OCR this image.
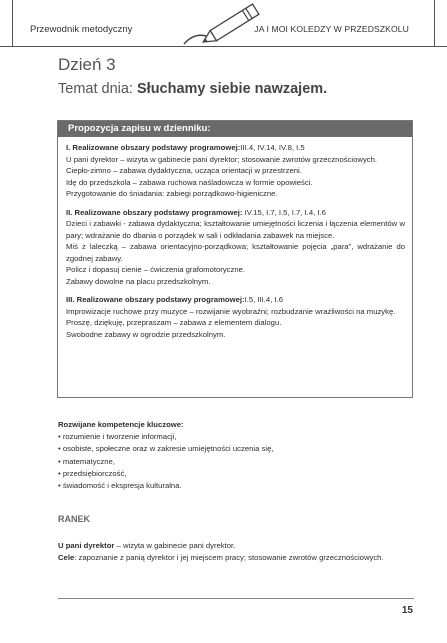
Przewodnik metodyczny	JA I MOI KOLEDZY W PRZEDSZKOLU
Dzień 3
Temat dnia: Słuchamy siebie nawzajem.
Propozycja zapisu w dzienniku:

I. Realizowane obszary podstawy programowej:III.4, IV.14, IV.8, I.5

U pani dyrektor – wizyta w gabinecie pani dyrektor; stosowanie zwrotów grzecznościowych.

Ciepło-zimno – zabawa dydaktyczna, ucząca orientacji w przestrzeni.

Idę do przedszkola – zabawa ruchowa naśladowcza w formie opowieści.

Przygotowanie do śniadania: zabiegi porządkowo-higieniczne.

II. Realizowane obszary podstawy programowej: IV.15, I.7, I.5, I.7, I.4, I.6

Dzieci i zabawki - zabawa dydaktyczna; kształtowanie umiejętności liczenia i łączenia elementów w pary; wdrażanie do dbania o porządek w sali i odkładania zabawek na miejsce.

Miś z laleczką – zabawa orientacyjno-porządkowa; kształtowanie pojęcia „para”, wdrażanie do zgodnej zabawy.

Policz i dopasuj cienie – ćwiczenia grafomotoryczne.

Zabawy dowolne na placu przedszkolnym.

III. Realizowane obszary podstawy programowej:I.5, III.4, I.6

Improwizacje ruchowe przy muzyce – rozwijanie wyobraźni; rozbudzanie wrażliwości na muzykę.

Proszę, dziękuję, przepraszam – zabawa z elementem dialogu.

Swobodne zabawy w ogrodzie przedszkolnym.

Rozwijane kompetencje kluczowe:
• rozumienie i tworzenie informacji,
• osobiste, społeczne oraz w zakresie umiejętności uczenia się,
• matematyczne,
• przedsiębiorczość,
• świadomość i ekspresja kulturalna.
RANEK

U pani dyrektor – wizyta w gabinecie pani dyrektor.

Cele: zapoznanie z panią dyrektor i jej miejscem pracy; stosowanie zwrotów grzecznościowych.

15
